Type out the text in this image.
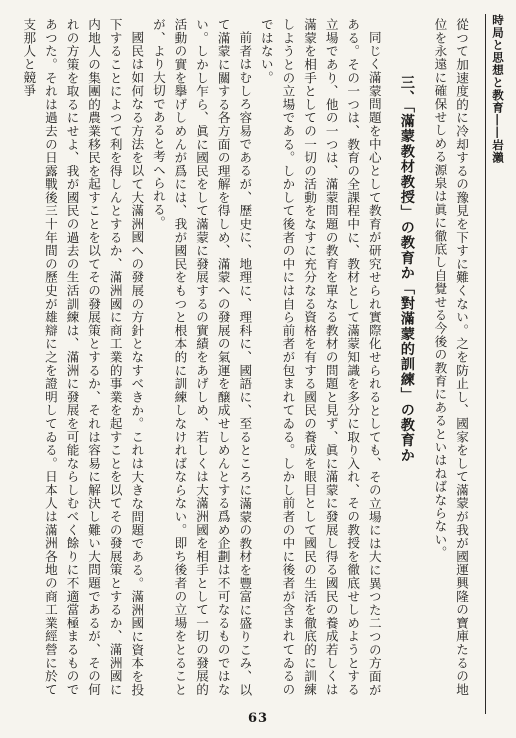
時局と思想と教育――岩瀨

從つて加速度的に冷却するの豫見を下すに難くない。之を防止し、國家をして滿蒙が我が國運興隆の寶庫たるの地位を永遠に確保せしめる源泉は眞に徹底し自覺せる今後の教育にあるといはねばならない。

三、「滿蒙教材教授」の教育か「對滿蒙的訓練」の教育か

同じく滿蒙問題を中心として教育が研究せられ實際化せられるとしても、その立場には大に異つた二つの方面がある。その一つは、教育の全課程中に、教材として滿蒙知識を多分に取り入れ、その教授を徹底せしめようとする立場であり、他の一つは、滿蒙問題の教育を單なる教材の問題と見ず、眞に滿蒙に發展し得る國民の養成若しくは滿蒙を相手としての一切の活動をなすに充分なる資格を有する國民の養成を眼目として國民の生活を徹底的に訓練しようとの立場である。しかして後者の中には自ら前者が包まれてゐる。しかし前者の中に後者が含まれてゐるのではない。

前者はむしろ容易であるが、歷史に、地理に、理科に、國語に、至るところに滿蒙の教材を豐富に盛りこみ、以て滿蒙に關する各方面の理解を得しめ、滿蒙への發展の氣運を醸成せしめんとする爲め企劃は不可なるものではない。しかし乍ら、眞に國民をして滿蒙に發展するの實績をあげしめ、若しくは大滿洲國を相手として一切の發展的活動の實を擧げしめんが爲には、我が國民をもつと根本的に訓練しなければならない。即ち後者の立場をとることが、より大切であると考へられる。

國民は如何なる方法を以て大滿洲國への發展の方針となすべきか。これは大きな問題である。滿洲國に資本を投下することによつて利を得しんとするか、滿洲國に商工業的事業を起すことを以てその發展策とするか、滿洲國に内地人の集團的農業移民を起すことを以てその發展策とするか、それは容易に解決し難い大問題であるが、その何れの方策を取るにせよ、我が國民の過去の生活訓練は、滿洲に發展を可能ならしむべく餘りに不適當極まるものであつた。それは過去の日露戰後三十年間の歷史が雄辯に之を證明してゐる。日本人は滿洲各地の商工業經營に於て支那人と競爭

63
